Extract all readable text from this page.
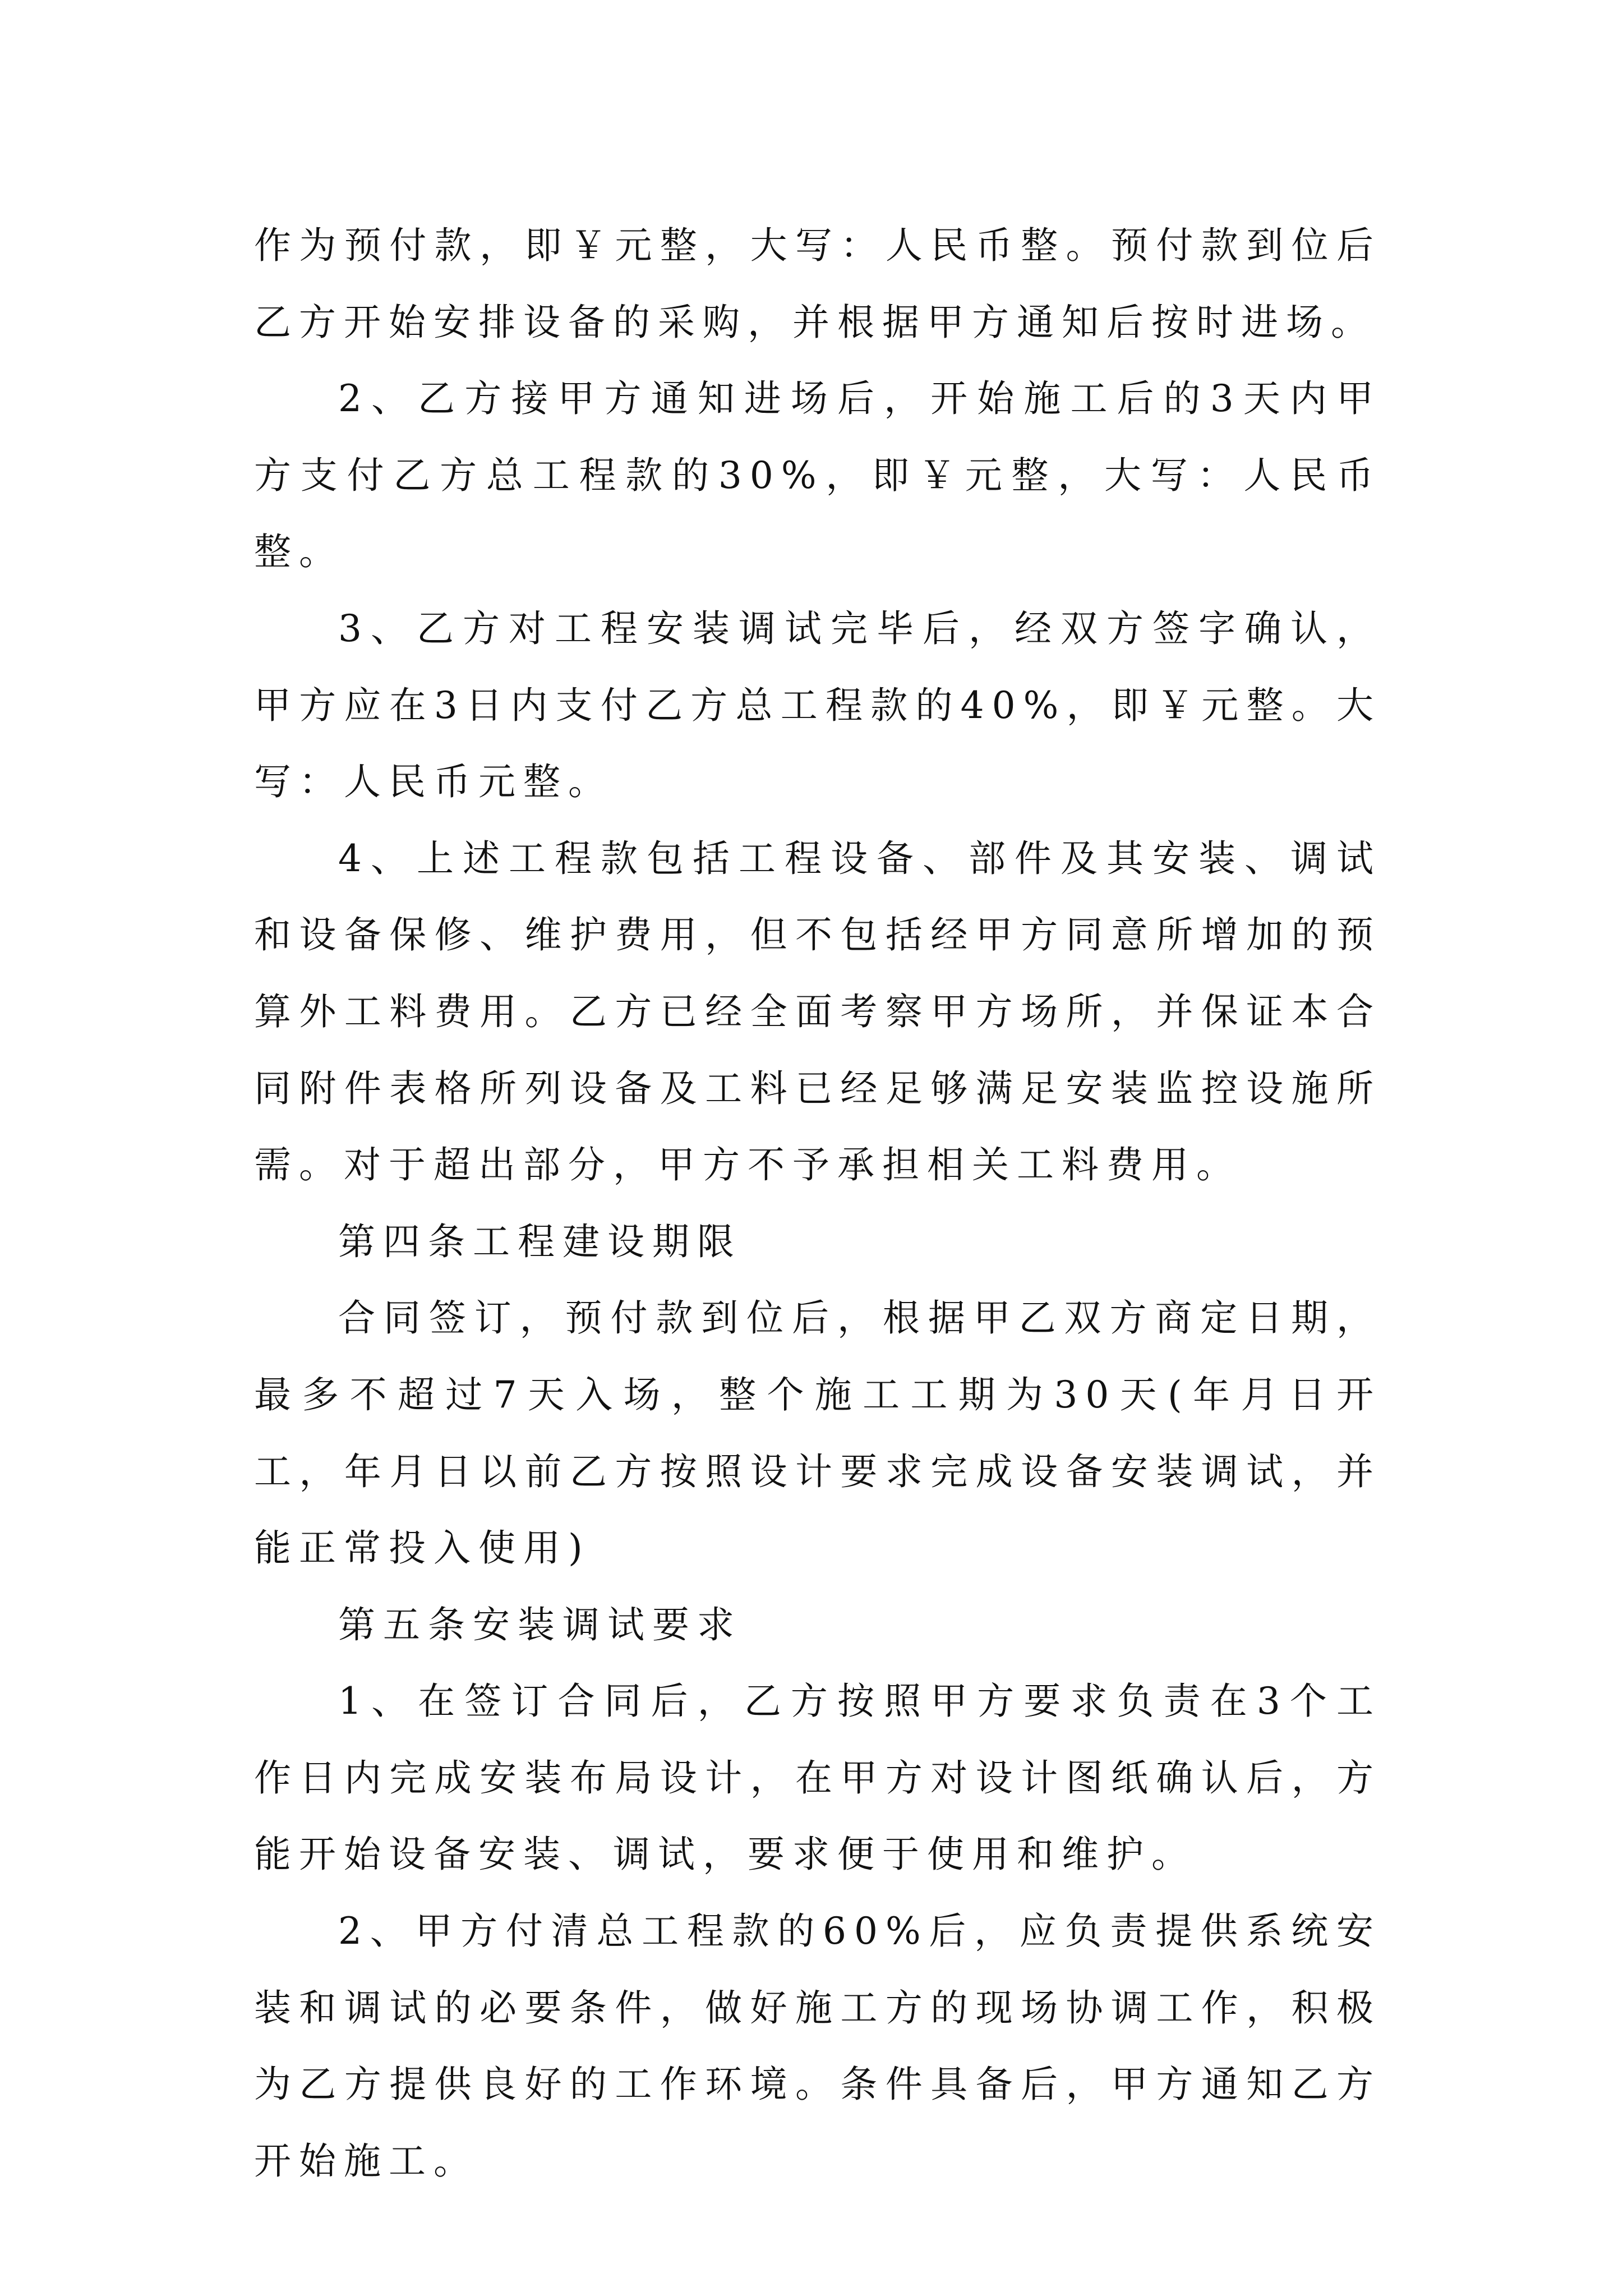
作为预付款，即￥元整，大写：人民币整。预付款到位后乙方开始安排设备的采购，并根据甲方通知后按时进场。

2、乙方接甲方通知进场后，开始施工后的3天内甲方支付乙方总工程款的30%，即￥元整，大写：人民币整。

3、乙方对工程安装调试完毕后，经双方签字确认，甲方应在3日内支付乙方总工程款的40%，即￥元整。大写：人民币元整。

4、上述工程款包括工程设备、部件及其安装、调试和设备保修、维护费用，但不包括经甲方同意所增加的预算外工料费用。乙方已经全面考察甲方场所，并保证本合同附件表格所列设备及工料已经足够满足安装监控设施所需。对于超出部分，甲方不予承担相关工料费用。

第四条工程建设期限

合同签订，预付款到位后，根据甲乙双方商定日期，最多不超过7天入场，整个施工工期为30天(年月日开工，年月日以前乙方按照设计要求完成设备安装调试，并能正常投入使用)

第五条安装调试要求

1、在签订合同后，乙方按照甲方要求负责在3个工作日内完成安装布局设计，在甲方对设计图纸确认后，方能开始设备安装、调试，要求便于使用和维护。

2、甲方付清总工程款的60%后，应负责提供系统安装和调试的必要条件，做好施工方的现场协调工作，积极为乙方提供良好的工作环境。条件具备后，甲方通知乙方开始施工。
